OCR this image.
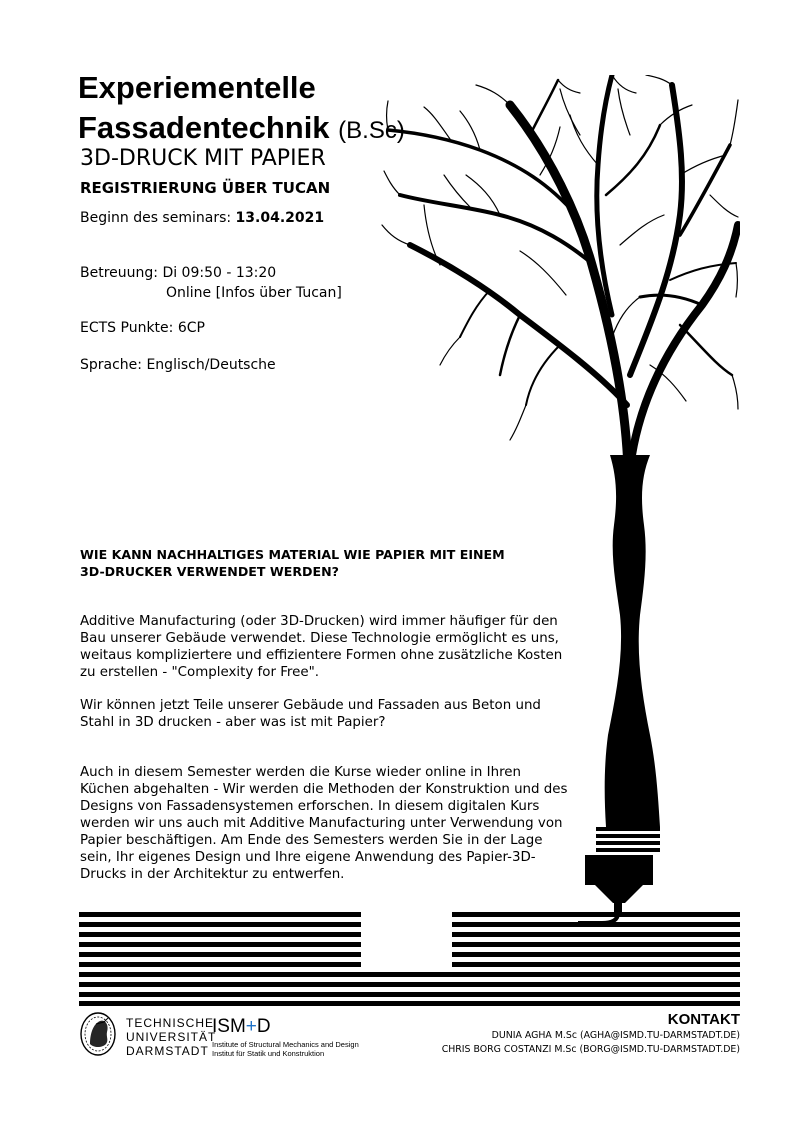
Experiementelle
Fassadentechnik (B.Sc)
3D-DRUCK MIT PAPIER
REGISTRIERUNG ÜBER TUCAN
Beginn des seminars: 13.04.2021
Betreuung: Di 09:50 - 13:20
Online [Infos über Tucan]
ECTS Punkte: 6CP
Sprache: Englisch/Deutsche
WIE KANN NACHHALTIGES MATERIAL WIE PAPIER MIT EINEM
3D-DRUCKER VERWENDET WERDEN?
Additive Manufacturing (oder 3D-Drucken) wird immer häufiger für den
Bau unserer Gebäude verwendet. Diese Technologie ermöglicht es uns,
weitaus kompliziertere und effizientere Formen ohne zusätzliche Kosten
zu erstellen - "Complexity for Free".
Wir können jetzt Teile unserer Gebäude und Fassaden aus Beton und
Stahl in 3D drucken - aber was ist mit Papier?
Auch in diesem Semester werden die Kurse wieder online in Ihren
Küchen abgehalten - Wir werden die Methoden der Konstruktion und des
Designs von Fassadensystemen erforschen. In diesem digitalen Kurs
werden wir uns auch mit Additive Manufacturing unter Verwendung von
Papier beschäftigen. Am Ende des Semesters werden Sie in der Lage
sein, Ihr eigenes Design und Ihre eigene Anwendung des Papier-3D-
Drucks in der Architektur zu entwerfen.
TECHNISCHE
UNIVERSITÄT
DARMSTADT
ISM+D
Institute of Structural Mechanics and Design
Institut für Statik und Konstruktion
KONTAKT
DUNIA AGHA M.Sc (AGHA@ISMD.TU-DARMSTADT.DE)
CHRIS BORG COSTANZI M.Sc (BORG@ISMD.TU-DARMSTADT.DE)
